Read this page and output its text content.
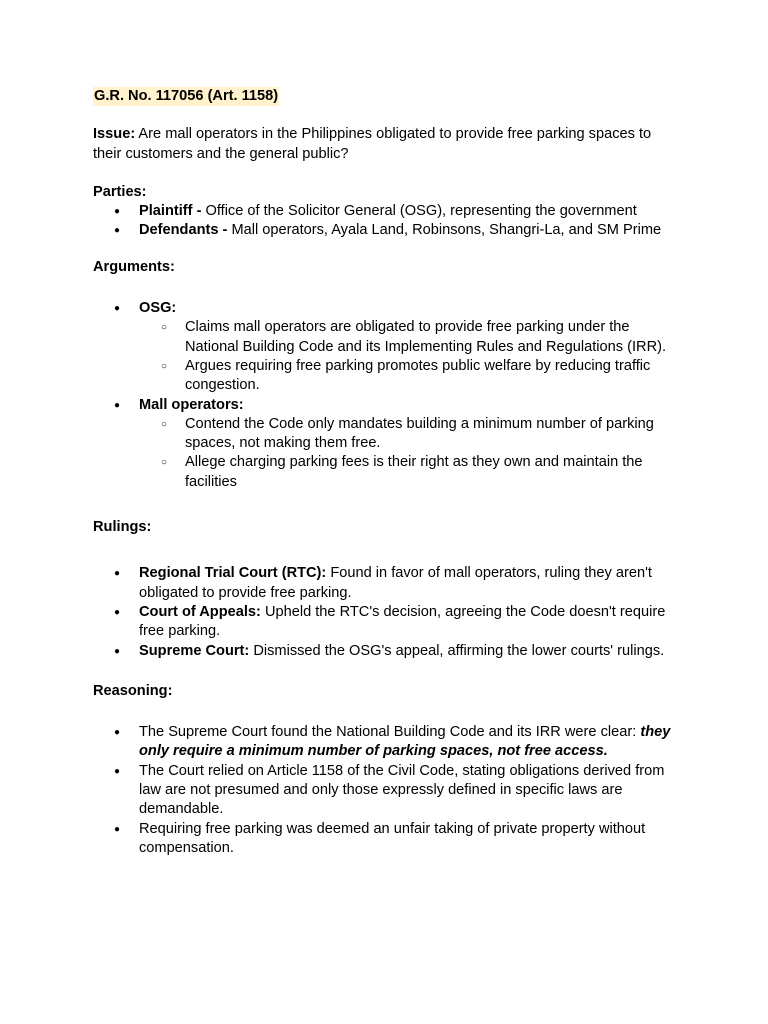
G.R. No. 117056 (Art. 1158)

Issue: Are mall operators in the Philippines obligated to provide free parking spaces to their customers and the general public?

Parties:

● Plaintiff - Office of the Solicitor General (OSG), representing the government
● Defendants - Mall operators, Ayala Land, Robinsons, Shangri-La, and SM Prime

Arguments:

● OSG:
○ Claims mall operators are obligated to provide free parking under the National Building Code and its Implementing Rules and Regulations (IRR).
○ Argues requiring free parking promotes public welfare by reducing traffic congestion.
● Mall operators:
○ Contend the Code only mandates building a minimum number of parking spaces, not making them free.
○ Allege charging parking fees is their right as they own and maintain the facilities

Rulings:

● Regional Trial Court (RTC): Found in favor of mall operators, ruling they aren't obligated to provide free parking.
● Court of Appeals: Upheld the RTC's decision, agreeing the Code doesn't require free parking.
● Supreme Court: Dismissed the OSG's appeal, affirming the lower courts' rulings.

Reasoning:

● The Supreme Court found the National Building Code and its IRR were clear: they only require a minimum number of parking spaces, not free access.
● The Court relied on Article 1158 of the Civil Code, stating obligations derived from law are not presumed and only those expressly defined in specific laws are demandable.
● Requiring free parking was deemed an unfair taking of private property without compensation.
